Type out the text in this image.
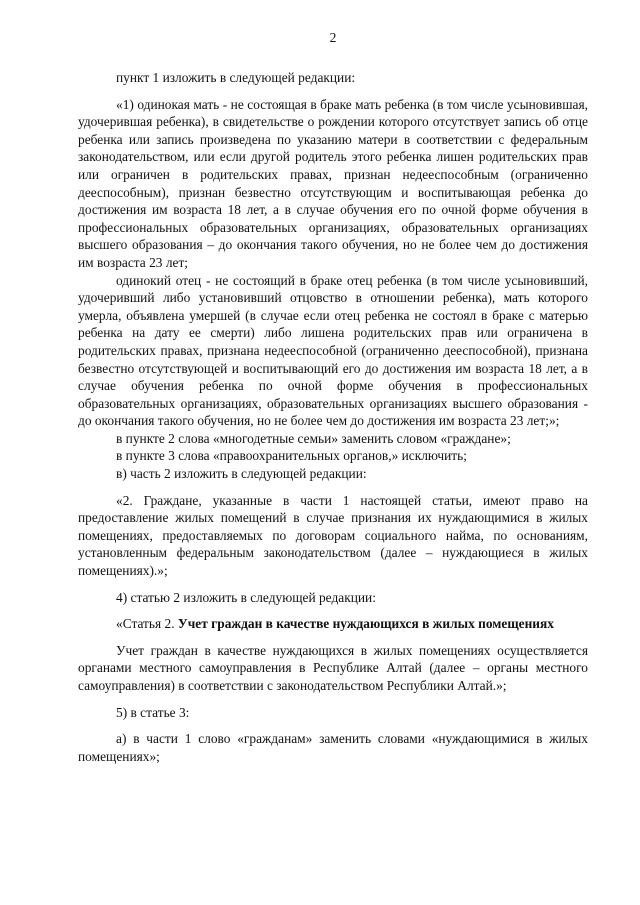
2

пункт 1 изложить в следующей редакции:

«1) одинокая мать - не состоящая в браке мать ребенка (в том числе усыновившая, удочерившая ребенка), в свидетельстве о рождении которого отсутствует запись об отце ребенка или запись произведена по указанию матери в соответствии с федеральным законодательством, или если другой родитель этого ребенка лишен родительских прав или ограничен в родительских правах, признан недееспособным (ограниченно дееспособным), признан безвестно отсутствующим и воспитывающая ребенка до достижения им возраста 18 лет, а в случае обучения его по очной форме обучения в профессиональных образовательных организациях, образовательных организациях высшего образования – до окончания такого обучения, но не более чем до достижения им возраста 23 лет;

одинокий отец - не состоящий в браке отец ребенка (в том числе усыновивший, удочеривший либо установивший отцовство в отношении ребенка), мать которого умерла, объявлена умершей (в случае если отец ребенка не состоял в браке с матерью ребенка на дату ее смерти) либо лишена родительских прав или ограничена в родительских правах, признана недееспособной (ограниченно дееспособной), признана безвестно отсутствующей и воспитывающий его до достижения им возраста 18 лет, а в случае обучения ребенка по очной форме обучения в профессиональных образовательных организациях, образовательных организациях высшего образования - до окончания такого обучения, но не более чем до достижения им возраста 23 лет;»;

в пункте 2 слова «многодетные семьи» заменить словом «граждане»;

в пункте 3 слова «правоохранительных органов,» исключить;

в) часть 2 изложить в следующей редакции:

«2. Граждане, указанные в части 1 настоящей статьи, имеют право на предоставление жилых помещений в случае признания их нуждающимися в жилых помещениях, предоставляемых по договорам социального найма, по основаниям, установленным федеральным законодательством (далее – нуждающиеся в жилых помещениях).»;

4) статью 2 изложить в следующей редакции:

«Статья 2. Учет граждан в качестве нуждающихся в жилых помещениях

Учет граждан в качестве нуждающихся в жилых помещениях осуществляется органами местного самоуправления в Республике Алтай (далее – органы местного самоуправления) в соответствии с законодательством Республики Алтай.»;

5) в статье 3:

а) в части 1 слово «гражданам» заменить словами «нуждающимися в жилых помещениях»;
